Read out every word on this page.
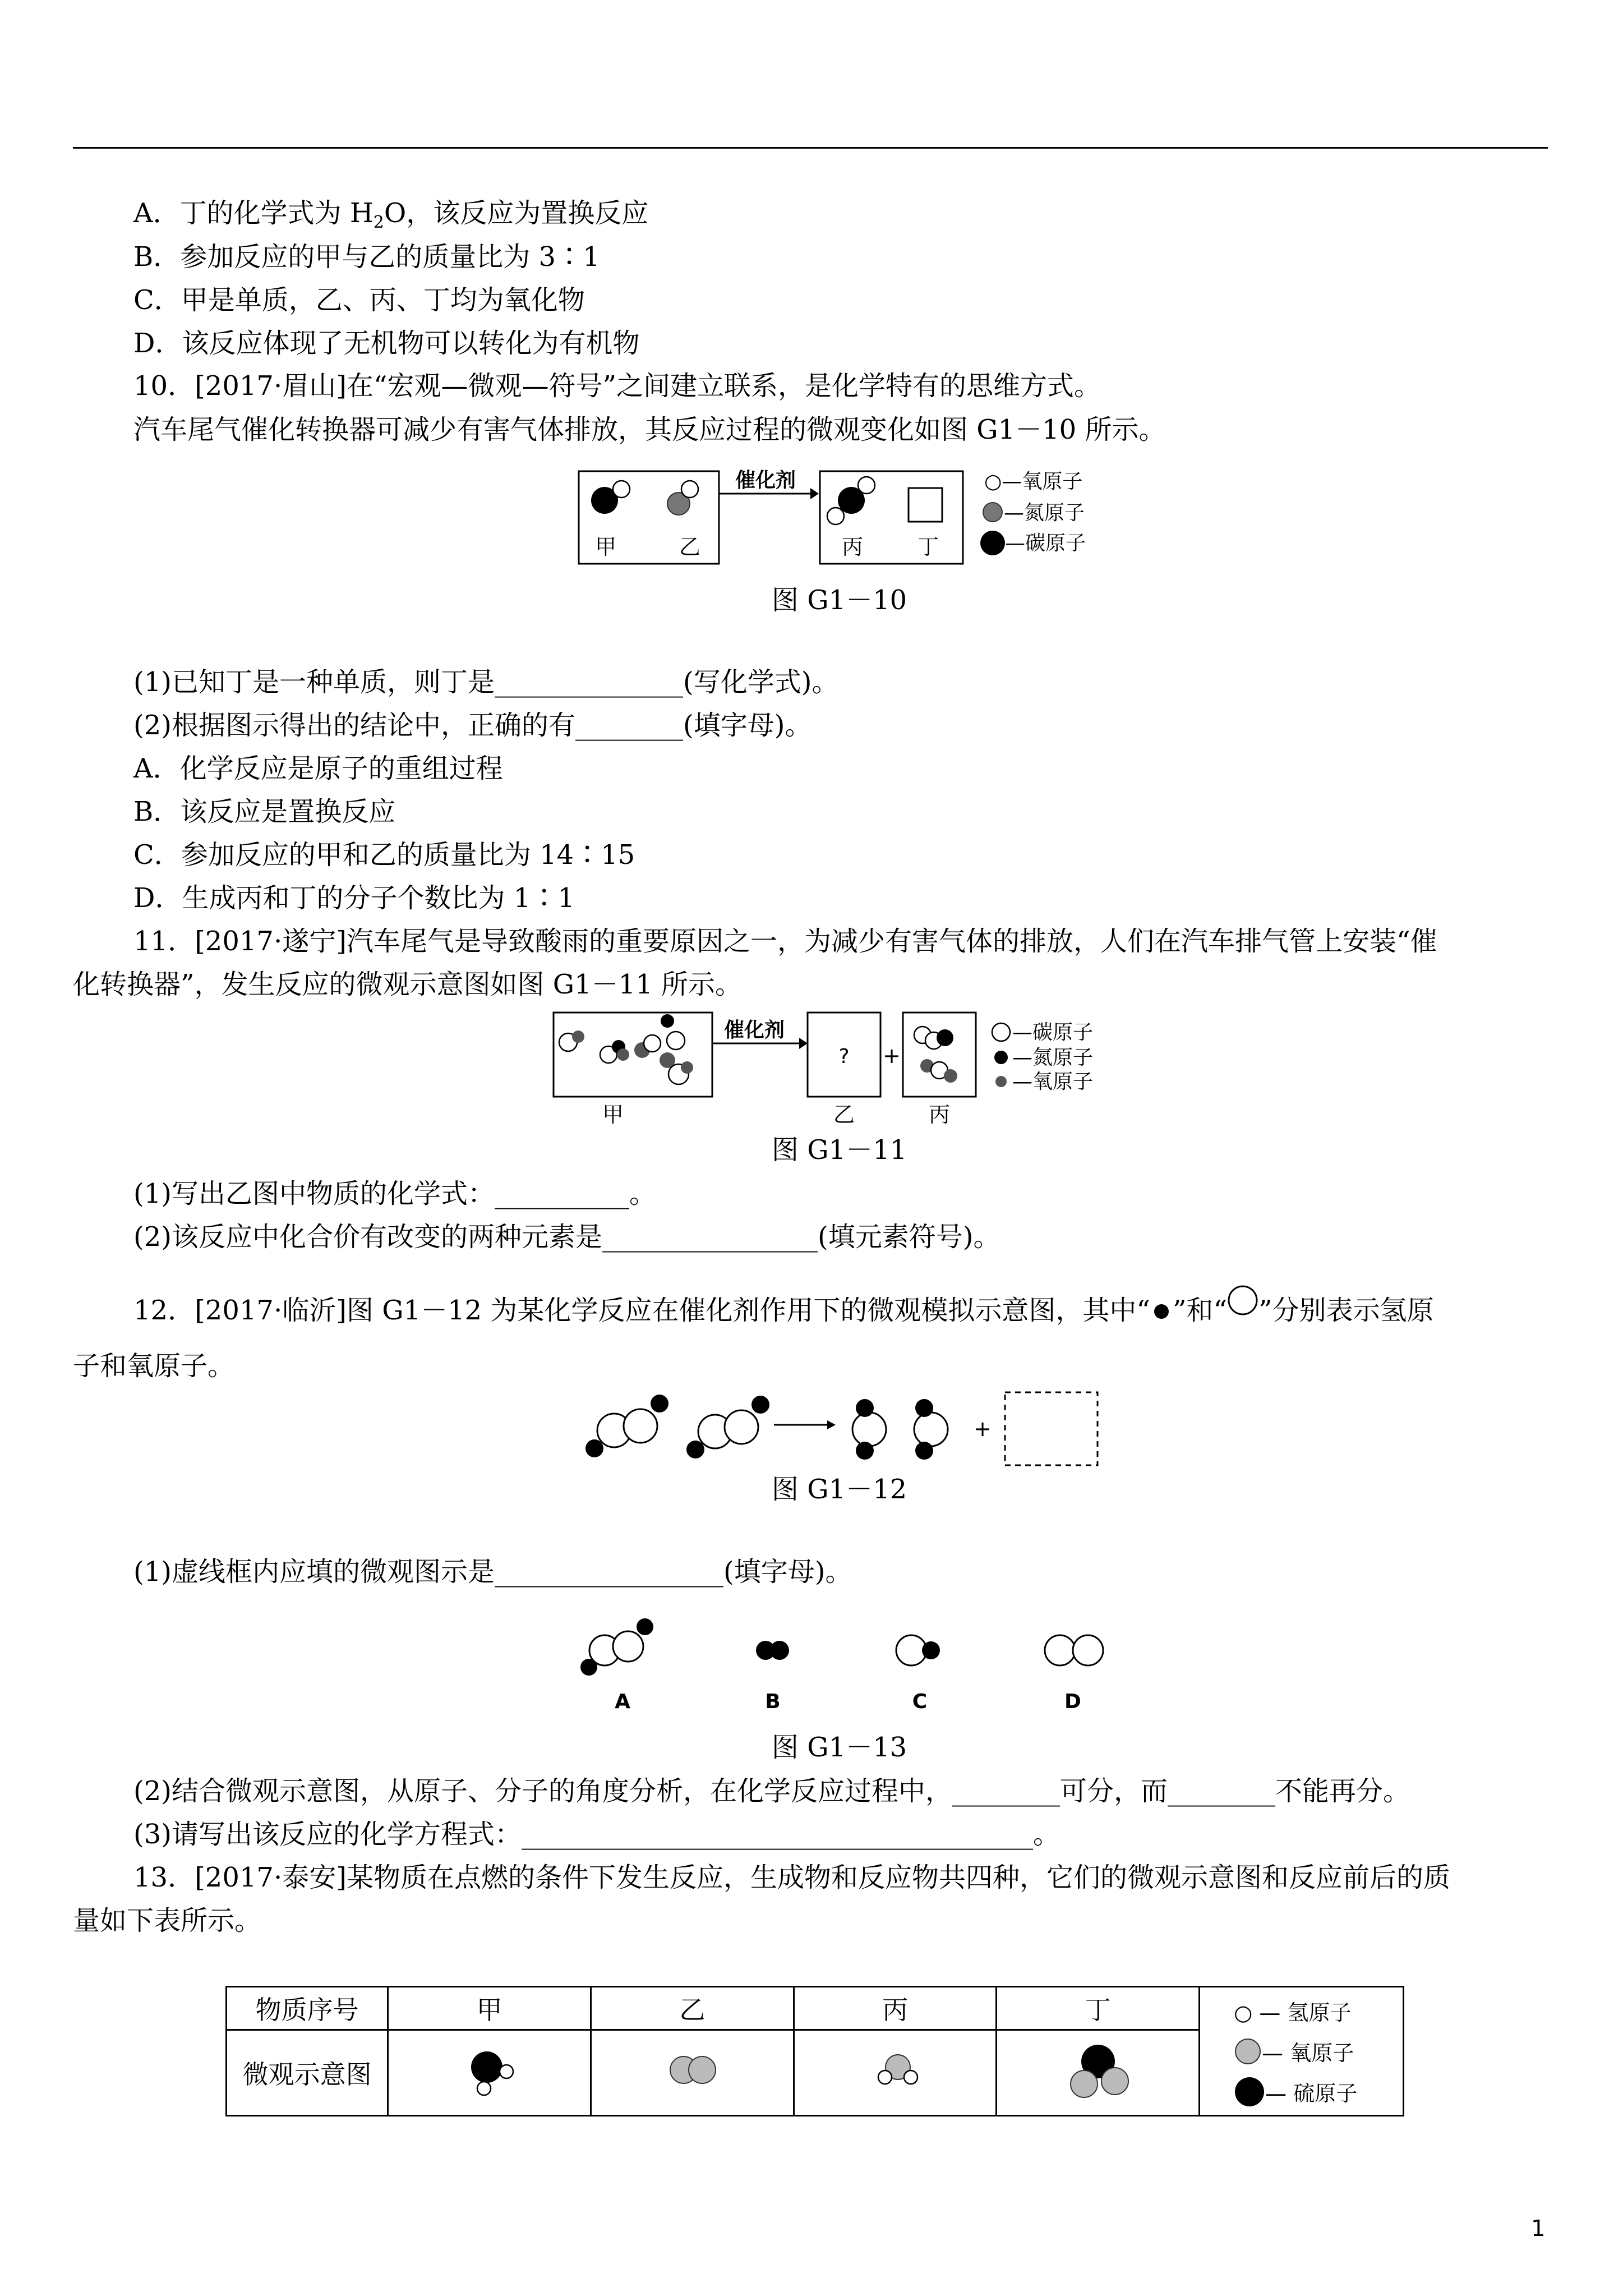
A．丁的化学式为 $H_2O$，该反应为置换反应
B．参加反应的甲与乙的质量比为 3∶1
C．甲是单质，乙、丙、丁均为氧化物
D．该反应体现了无机物可以转化为有机物
10．[2017·眉山]在“宏观—微观—符号”之间建立联系，是化学特有的思维方式。
汽车尾气催化转换器可减少有害气体排放，其反应过程的微观变化如图 G1－10 所示。
甲	乙
催化剂
丙	丁
○—氧原子
—氮原子
—碳原子
图 G1－10
(1)已知丁是一种单质，则丁是______________(写化学式)。
(2)根据图示得出的结论中，正确的有________(填字母)。
A．化学反应是原子的重组过程
B．该反应是置换反应
C．参加反应的甲和乙的质量比为 14∶15
D．生成丙和丁的分子个数比为 1∶1
11．[2017·遂宁]汽车尾气是导致酸雨的重要原因之一，为减少有害气体的排放，人们在汽车排气管上安装“催
化转换器”，发生反应的微观示意图如图 G1－11 所示。
催化剂
? +
甲	乙	丙
—碳原子
—氮原子
—氧原子
图 G1－11
(1)写出乙图中物质的化学式：__________。
(2)该反应中化合价有改变的两种元素是________________(填元素符号)。
12．[2017·临沂]图 G1－12 为某化学反应在催化剂作用下的微观模拟示意图，其中“ ”和“ ”分别表示氢原
子和氧原子。
+
图 G1－12
(1)虚线框内应填的微观图示是_________________(填字母)。
A	B	C	D
图 G1－13
(2)结合微观示意图，从原子、分子的角度分析，在化学反应过程中，________可分，而________不能再分。
(3)请写出该反应的化学方程式：______________________________________。
13．[2017·泰安]某物质在点燃的条件下发生反应，生成物和反应物共四种，它们的微观示意图和反应前后的质
量如下表所示。
物质序号	甲	乙	丙	丁	○ — 氢原子
— 氧原子
— 硫原子

微观示意图				
1
